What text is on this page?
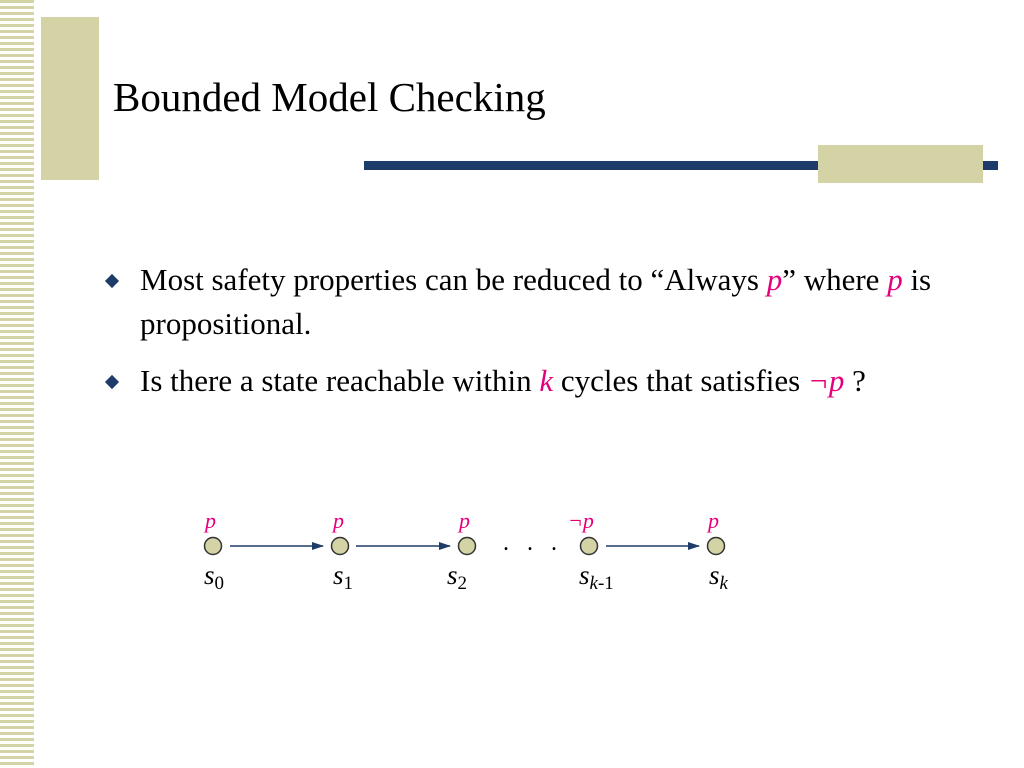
Bounded Model Checking
Most safety properties can be reduced to “Always p” where p is propositional.
Is there a state reachable within k cycles that satisfies ¬p ?
p	p	p	¬p	p
$s_0$	$s_1$	$s_2$	$s_{k-1}$	$s_k$
. . .
